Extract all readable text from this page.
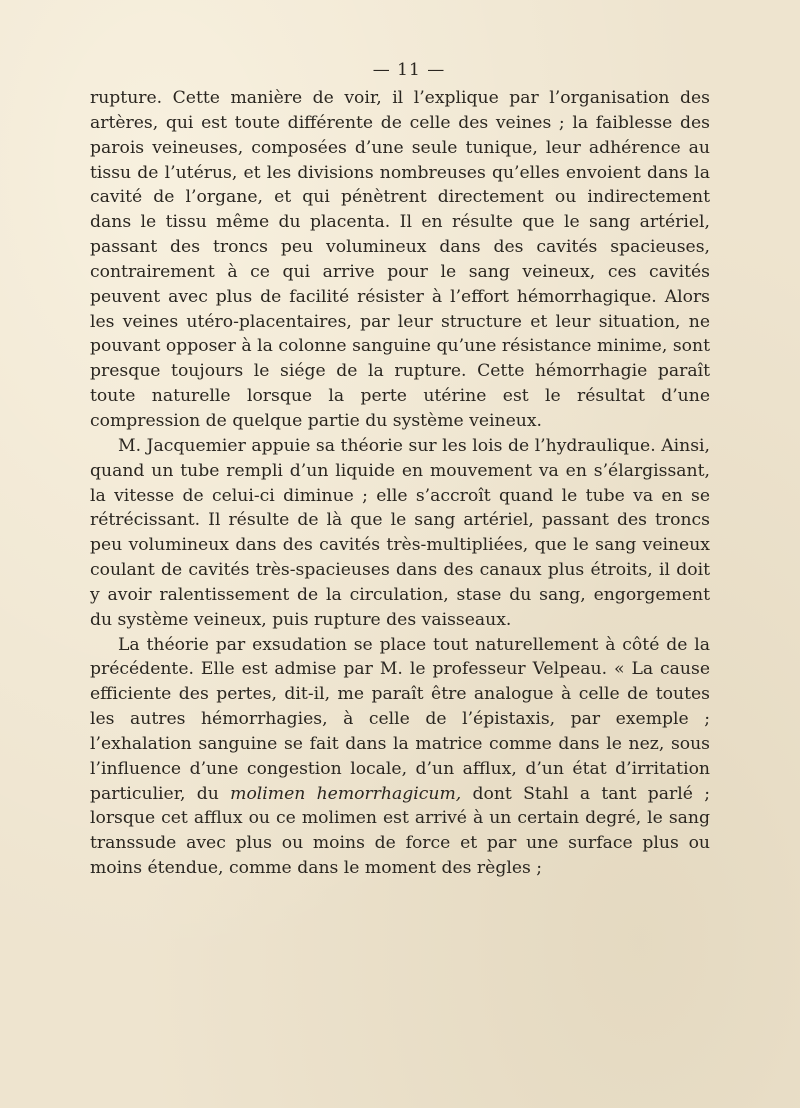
— 11 —

rupture. Cette manière de voir, il l’explique par l’organisation des artères, qui est toute différente de celle des veines ; la faiblesse des parois veineuses, composées d’une seule tunique, leur adhérence au tissu de l’utérus, et les divisions nombreuses qu’elles envoient dans la cavité de l’organe, et qui pénètrent directement ou indirectement dans le tissu même du placenta. Il en résulte que le sang artériel, passant des troncs peu volumineux dans des cavités spacieuses, contrairement à ce qui arrive pour le sang veineux, ces cavités peuvent avec plus de facilité résister à l’effort hémorrhagique. Alors les veines utéro-placentaires, par leur structure et leur situation, ne pouvant opposer à la colonne sanguine qu’une résistance minime, sont presque toujours le siége de la rupture. Cette hémorrhagie paraît toute naturelle lorsque la perte utérine est le résultat d’une compression de quelque partie du système veineux.

M. Jacquemier appuie sa théorie sur les lois de l’hydraulique. Ainsi, quand un tube rempli d’un liquide en mouvement va en s’élargissant, la vitesse de celui-ci diminue ; elle s’accroît quand le tube va en se rétrécissant. Il résulte de là que le sang artériel, passant des troncs peu volumineux dans des cavités très-multipliées, que le sang veineux coulant de cavités très-spacieuses dans des canaux plus étroits, il doit y avoir ralentissement de la circulation, stase du sang, engorgement du système veineux, puis rupture des vaisseaux.

La théorie par exsudation se place tout naturellement à côté de la précédente. Elle est admise par M. le professeur Velpeau. « La cause efficiente des pertes, dit-il, me paraît être analogue à celle de toutes les autres hémorrhagies, à celle de l’épistaxis, par exemple ; l’exhalation sanguine se fait dans la matrice comme dans le nez, sous l’influence d’une congestion locale, d’un afflux, d’un état d’irritation particulier, du molimen hemorrhagicum, dont Stahl a tant parlé ; lorsque cet afflux ou ce molimen est arrivé à un certain degré, le sang transsude avec plus ou moins de force et par une surface plus ou moins étendue, comme dans le moment des règles ;
